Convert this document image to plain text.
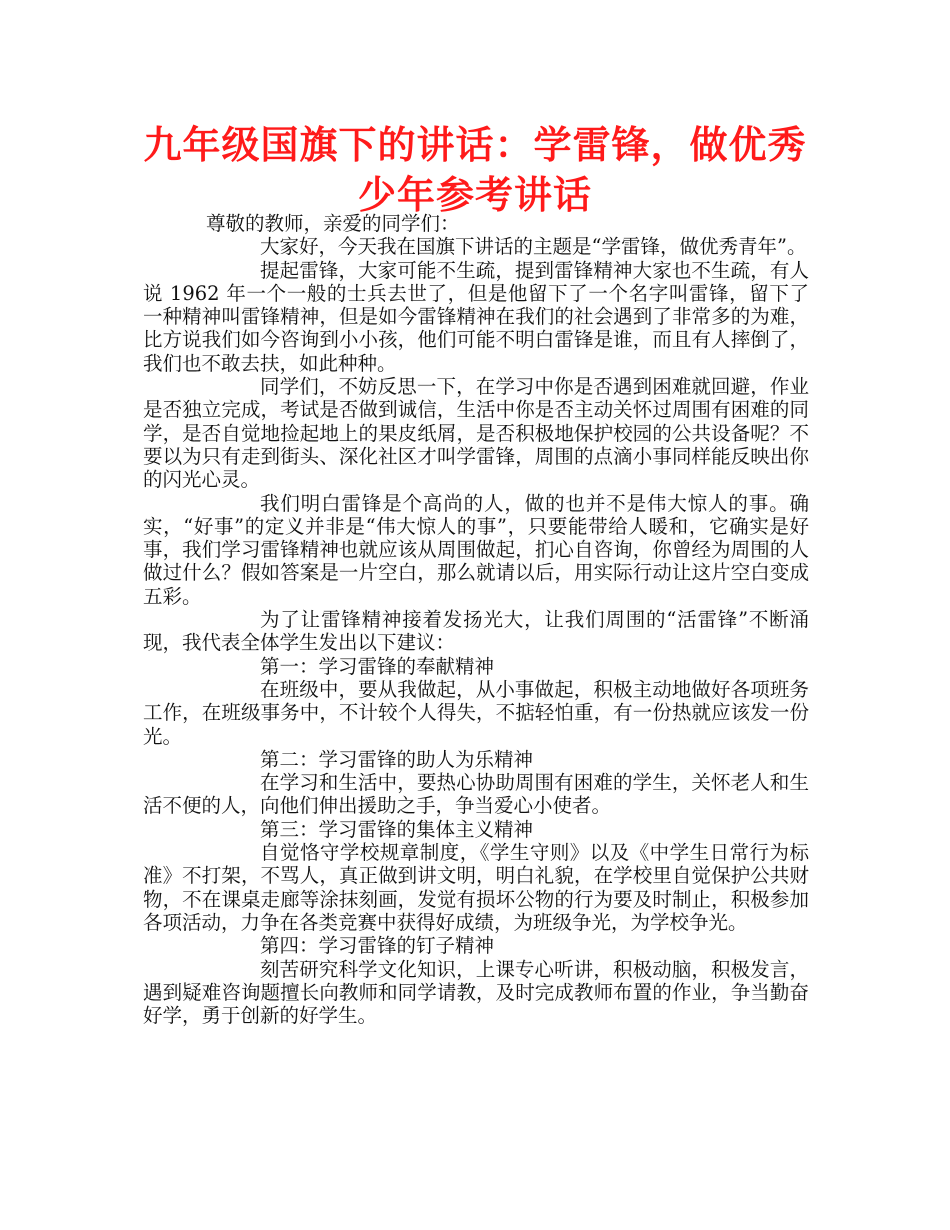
九年级国旗下的讲话：学雷锋，做优秀少年参考讲话

尊敬的教师，亲爱的同学们：

大家好，今天我在国旗下讲话的主题是“学雷锋，做优秀青年”。

提起雷锋，大家可能不生疏，提到雷锋精神大家也不生疏，有人说 1962 年一个一般的士兵去世了，但是他留下了一个名字叫雷锋，留下了一种精神叫雷锋精神，但是如今雷锋精神在我们的社会遇到了非常多的为难，比方说我们如今咨询到小小孩，他们可能不明白雷锋是谁，而且有人摔倒了，我们也不敢去扶，如此种种。

同学们，不妨反思一下，在学习中你是否遇到困难就回避，作业是否独立完成，考试是否做到诚信，生活中你是否主动关怀过周围有困难的同学，是否自觉地捡起地上的果皮纸屑，是否积极地保护校园的公共设备呢？不要以为只有走到街头、深化社区才叫学雷锋，周围的点滴小事同样能反映出你的闪光心灵。

我们明白雷锋是个高尚的人，做的也并不是伟大惊人的事。确实，“好事”的定义并非是“伟大惊人的事”，只要能带给人暖和，它确实是好事，我们学习雷锋精神也就应该从周围做起，扪心自咨询，你曾经为周围的人做过什么？假如答案是一片空白，那么就请以后，用实际行动让这片空白变成五彩。

为了让雷锋精神接着发扬光大，让我们周围的“活雷锋”不断涌现，我代表全体学生发出以下建议：

第一：学习雷锋的奉献精神

在班级中，要从我做起，从小事做起，积极主动地做好各项班务工作，在班级事务中，不计较个人得失，不掂轻怕重，有一份热就应该发一份光。

第二：学习雷锋的助人为乐精神

在学习和生活中，要热心协助周围有困难的学生，关怀老人和生活不便的人，向他们伸出援助之手，争当爱心小使者。

第三：学习雷锋的集体主义精神

自觉恪守学校规章制度，《学生守则》以及《中学生日常行为标准》不打架，不骂人，真正做到讲文明，明白礼貌，在学校里自觉保护公共财物，不在课桌走廊等涂抹刻画，发觉有损坏公物的行为要及时制止，积极参加各项活动，力争在各类竞赛中获得好成绩，为班级争光，为学校争光。

第四：学习雷锋的钉子精神

刻苦研究科学文化知识，上课专心听讲，积极动脑，积极发言，遇到疑难咨询题擅长向教师和同学请教，及时完成教师布置的作业，争当勤奋好学，勇于创新的好学生。
